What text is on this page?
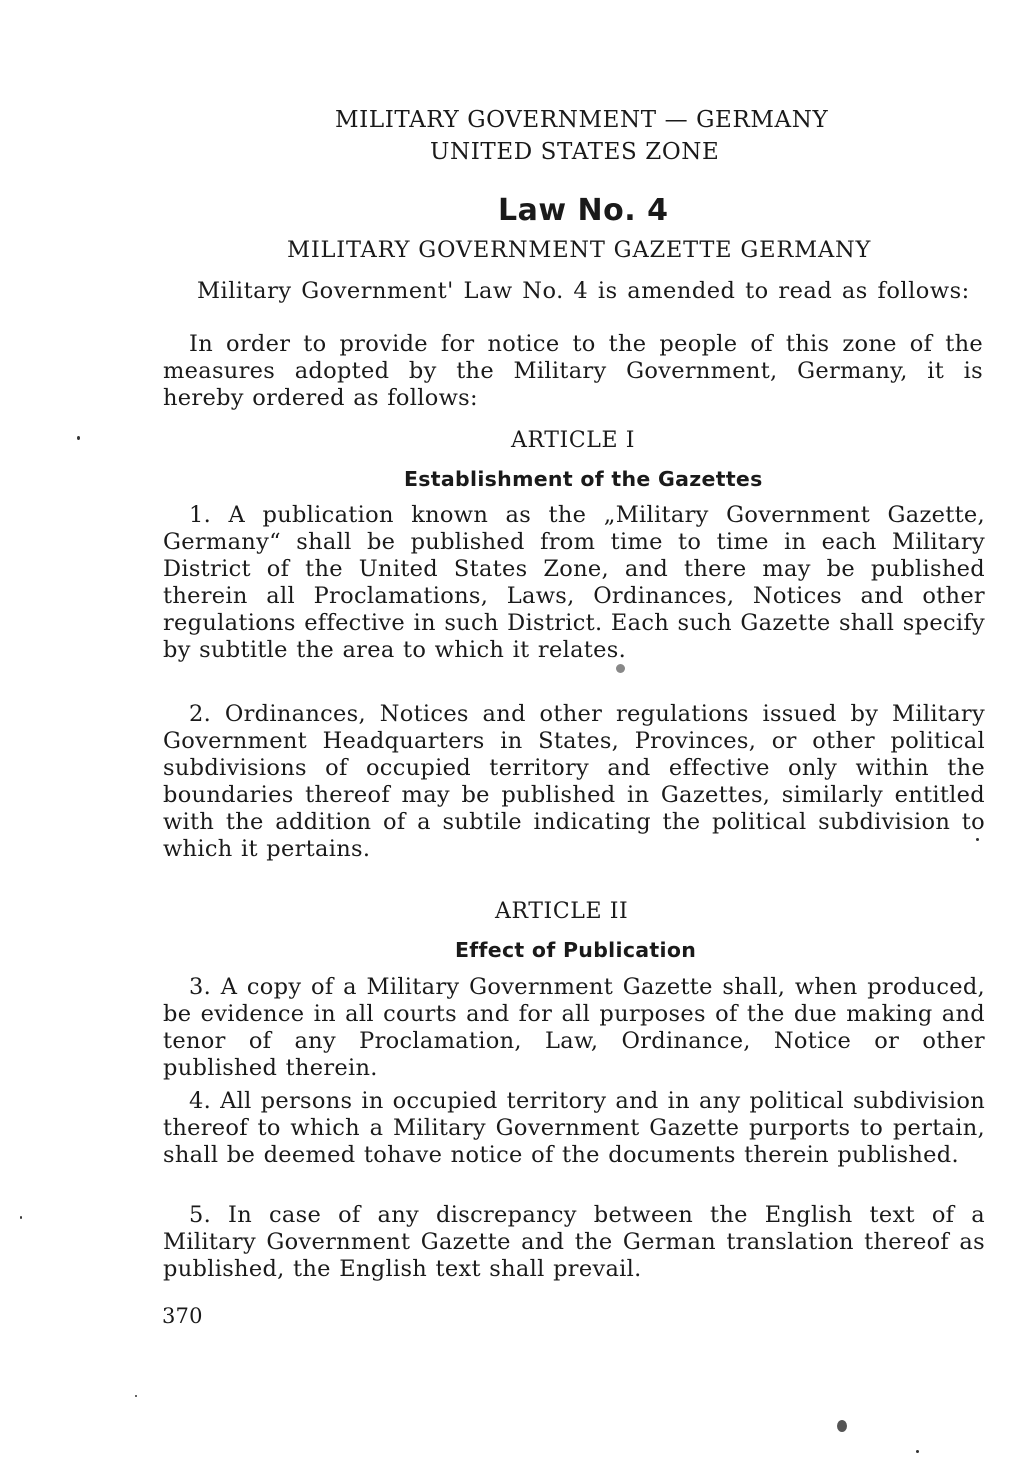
MILITARY GOVERNMENT — GERMANY
UNITED STATES ZONE
Law No. 4
MILITARY GOVERNMENT GAZETTE GERMANY
Military Government' Law No. 4 is amended to read as follows:
In order to provide for notice to the people of this zone of the measures adopted by the Military Government, Germany, it is hereby ordered as follows:
ARTICLE I
Establishment of the Gazettes
1. A publication known as the „Military Government Gazette, Germany“ shall be published from time to time in each Military District of the United States Zone, and there may be published therein all Proclamations, Laws, Ordinances, Notices and other regulations effective in such District. Each such Gazette shall specify by subtitle the area to which it relates.
2. Ordinances, Notices and other regulations issued by Military Government Headquarters in States, Provinces, or other political subdivisions of occupied territory and effective only within the boundaries thereof may be published in Gazettes, similarly entitled with the addition of a subtile indicating the political subdivision to which it pertains.
ARTICLE II
Effect of Publication
3. A copy of a Military Government Gazette shall, when produced, be evidence in all courts and for all purposes of the due making and tenor of any Proclamation, Law, Ordinance, Notice or other published therein.
4. All persons in occupied territory and in any political subdivision thereof to which a Military Government Gazette purports to pertain, shall be deemed tohave notice of the documents therein published.
5. In case of any discrepancy between the English text of a Military Government Gazette and the German translation thereof as published, the English text shall prevail.
370
